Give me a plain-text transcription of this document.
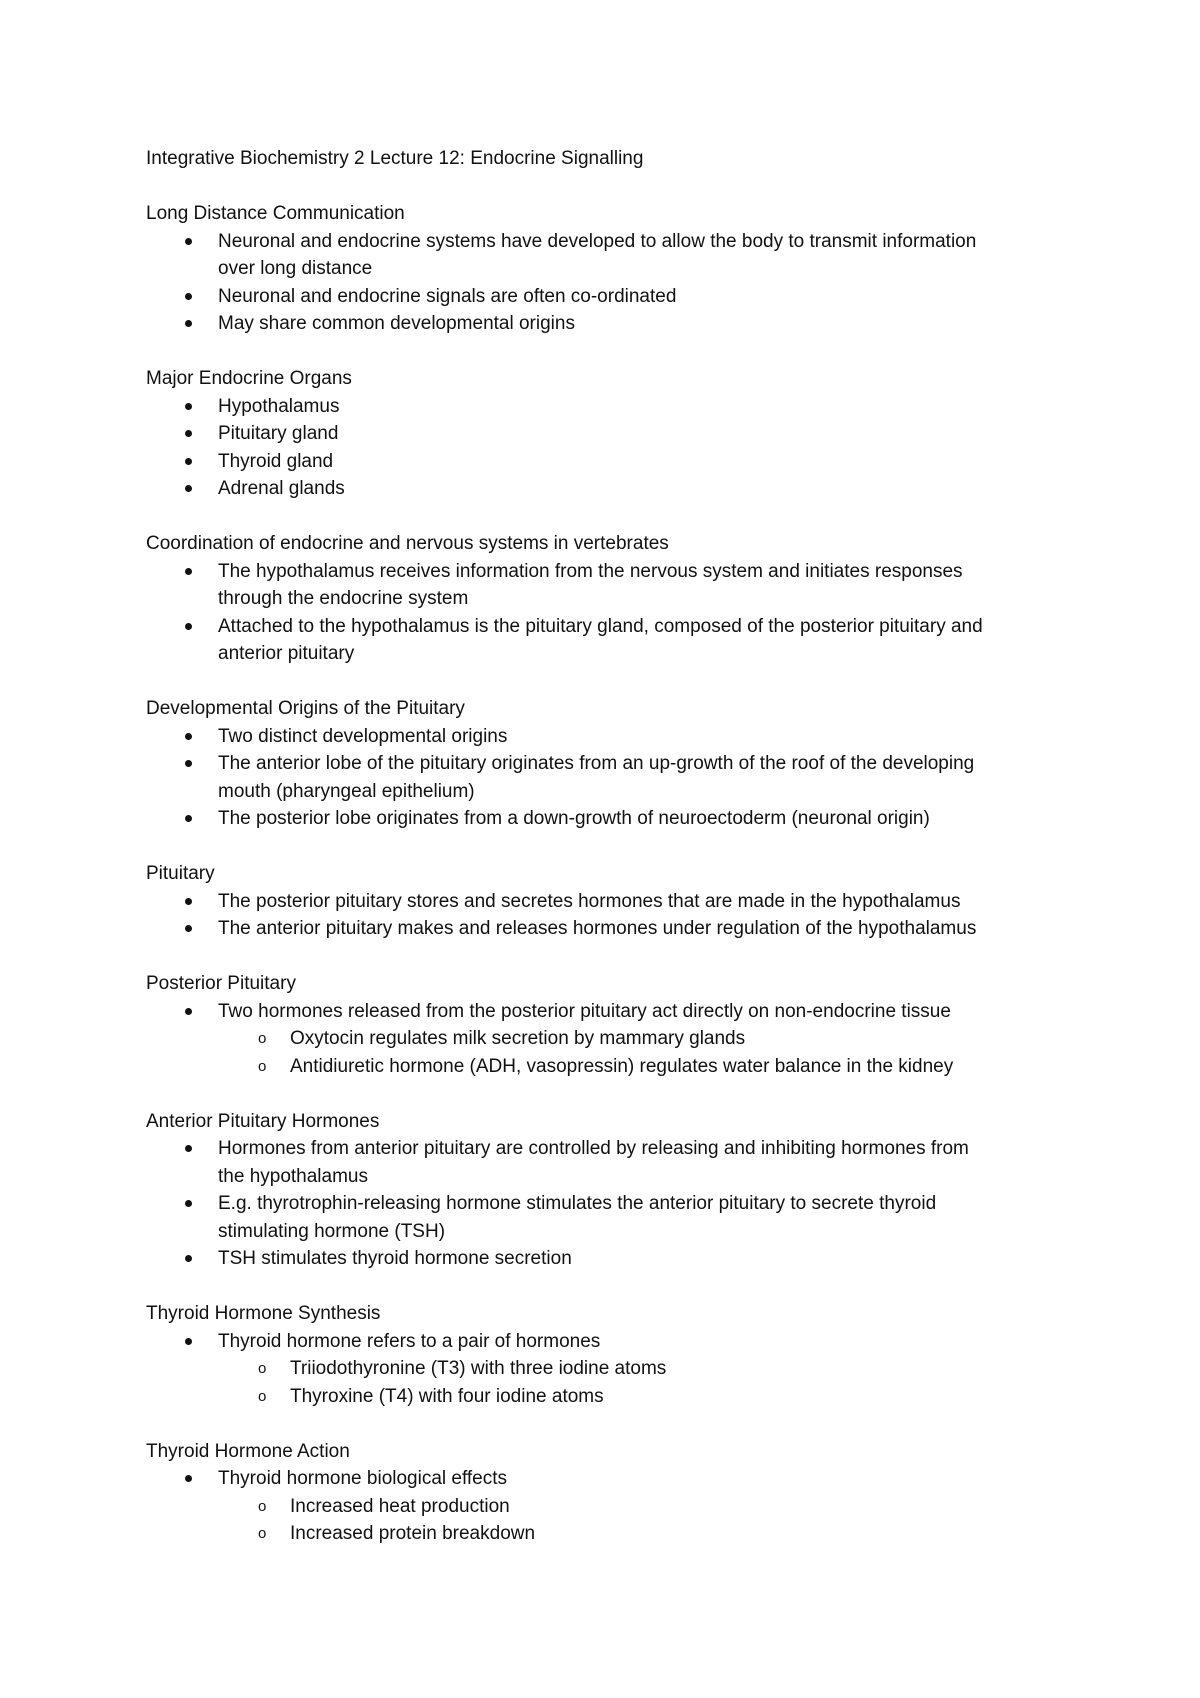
Integrative Biochemistry 2 Lecture 12: Endocrine Signalling
Long Distance Communication
Neuronal and endocrine systems have developed to allow the body to transmit information
over long distance
Neuronal and endocrine signals are often co-ordinated
May share common developmental origins
Major Endocrine Organs
Hypothalamus
Pituitary gland
Thyroid gland
Adrenal glands
Coordination of endocrine and nervous systems in vertebrates
The hypothalamus receives information from the nervous system and initiates responses
through the endocrine system
Attached to the hypothalamus is the pituitary gland, composed of the posterior pituitary and
anterior pituitary
Developmental Origins of the Pituitary
Two distinct developmental origins
The anterior lobe of the pituitary originates from an up-growth of the roof of the developing
mouth (pharyngeal epithelium)
The posterior lobe originates from a down-growth of neuroectoderm (neuronal origin)
Pituitary
The posterior pituitary stores and secretes hormones that are made in the hypothalamus
The anterior pituitary makes and releases hormones under regulation of the hypothalamus
Posterior Pituitary
Two hormones released from the posterior pituitary act directly on non-endocrine tissue
o Oxytocin regulates milk secretion by mammary glands
o Antidiuretic hormone (ADH, vasopressin) regulates water balance in the kidney
Anterior Pituitary Hormones
Hormones from anterior pituitary are controlled by releasing and inhibiting hormones from
the hypothalamus
E.g. thyrotrophin-releasing hormone stimulates the anterior pituitary to secrete thyroid
stimulating hormone (TSH)
TSH stimulates thyroid hormone secretion
Thyroid Hormone Synthesis
Thyroid hormone refers to a pair of hormones
o Triiodothyronine (T3) with three iodine atoms
o Thyroxine (T4) with four iodine atoms
Thyroid Hormone Action
Thyroid hormone biological effects
o Increased heat production
o Increased protein breakdown
